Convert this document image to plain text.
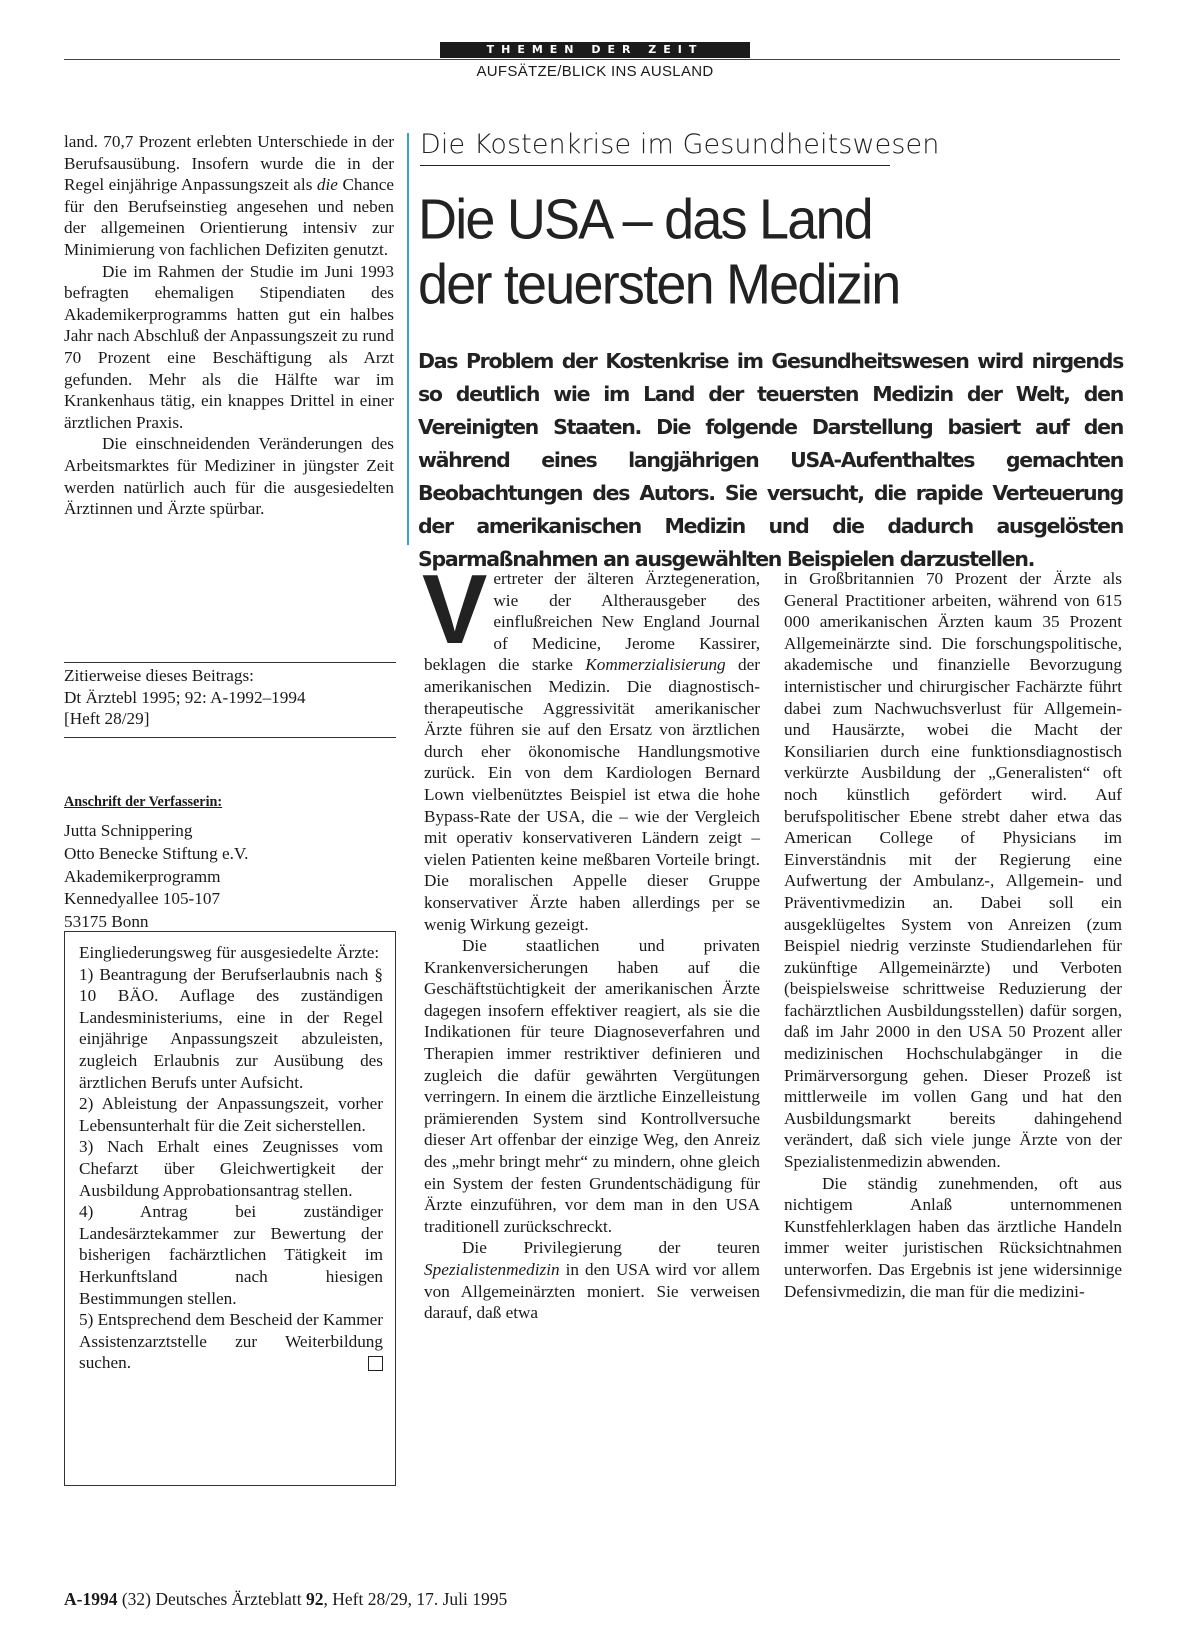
THEMEN DER ZEIT
AUFSÄTZE/BLICK INS AUSLAND

land. 70,7 Prozent erlebten Unterschiede in der Berufsausübung. Insofern wurde die in der Regel einjährige Anpassungszeit als die Chance für den Berufseinstieg angesehen und neben der allgemeinen Orientierung intensiv zur Minimierung von fachlichen Defiziten genutzt.

Die im Rahmen der Studie im Juni 1993 befragten ehemaligen Stipendiaten des Akademikerprogramms hatten gut ein halbes Jahr nach Abschluß der Anpassungszeit zu rund 70 Prozent eine Beschäftigung als Arzt gefunden. Mehr als die Hälfte war im Krankenhaus tätig, ein knappes Drittel in einer ärztlichen Praxis.

Die einschneidenden Veränderungen des Arbeitsmarktes für Mediziner in jüngster Zeit werden natürlich auch für die ausgesiedelten Ärztinnen und Ärzte spürbar.

Zitierweise dieses Beitrags:
Dt Ärztebl 1995; 92: A-1992–1994
[Heft 28/29]
Anschrift der Verfasserin:
Jutta Schnippering
Otto Benecke Stiftung e.V.
Akademikerprogramm
Kennedyallee 105-107
53175 Bonn
Eingliederungsweg für ausgesiedelte Ärzte:
1) Beantragung der Berufserlaubnis nach § 10 BÄO. Auflage des zuständigen Landesministeriums, eine in der Regel einjährige Anpassungszeit abzuleisten, zugleich Erlaubnis zur Ausübung des ärztlichen Berufs unter Aufsicht.
2) Ableistung der Anpassungszeit, vorher Lebensunterhalt für die Zeit sicherstellen.
3) Nach Erhalt eines Zeugnisses vom Chefarzt über Gleichwertigkeit der Ausbildung Approbationsantrag stellen.
4) Antrag bei zuständiger Landesärztekammer zur Bewertung der bisherigen fachärztlichen Tätigkeit im Herkunftsland nach hiesigen Bestimmungen stellen.
5) Entsprechend dem Bescheid der Kammer Assistenzarztstelle zur Weiterbildung suchen.
Die Kostenkrise im Gesundheitswesen
Die USA – das Land
der teuersten Medizin
Das Problem der Kostenkrise im Gesundheitswesen wird nirgends so deutlich wie im Land der teuersten Medizin der Welt, den Vereinigten Staaten. Die folgende Darstellung basiert auf den während eines langjährigen USA-Aufenthaltes gemachten Beobachtungen des Autors. Sie versucht, die rapide Verteuerung der amerikanischen Medizin und die dadurch ausgelösten Sparmaßnahmen an ausgewählten Beispielen darzustellen.

Vertreter der älteren Ärztegeneration, wie der Altherausgeber des einflußreichen New England Journal of Medicine, Jerome Kassirer, beklagen die starke Kommerzialisierung der amerikanischen Medizin. Die diagnostisch-therapeutische Aggressivität amerikanischer Ärzte führen sie auf den Ersatz von ärztlichen durch eher ökonomische Handlungsmotive zurück. Ein von dem Kardiologen Bernard Lown vielbenütztes Beispiel ist etwa die hohe Bypass-Rate der USA, die – wie der Vergleich mit operativ konservativeren Ländern zeigt – vielen Patienten keine meßbaren Vorteile bringt. Die moralischen Appelle dieser Gruppe konservativer Ärzte haben allerdings per se wenig Wirkung gezeigt.

Die staatlichen und privaten Krankenversicherungen haben auf die Geschäftstüchtigkeit der amerikanischen Ärzte dagegen insofern effektiver reagiert, als sie die Indikationen für teure Diagnoseverfahren und Therapien immer restriktiver definieren und zugleich die dafür gewährten Vergütungen verringern. In einem die ärztliche Einzelleistung prämierenden System sind Kontrollversuche dieser Art offenbar der einzige Weg, den Anreiz des „mehr bringt mehr“ zu mindern, ohne gleich ein System der festen Grundentschädigung für Ärzte einzuführen, vor dem man in den USA traditionell zurückschreckt.

Die Privilegierung der teuren Spezialistenmedizin in den USA wird vor allem von Allgemeinärzten moniert. Sie verweisen darauf, daß etwa

in Großbritannien 70 Prozent der Ärzte als General Practitioner arbeiten, während von 615 000 amerikanischen Ärzten kaum 35 Prozent Allgemeinärzte sind. Die forschungspolitische, akademische und finanzielle Bevorzugung internistischer und chirurgischer Fachärzte führt dabei zum Nachwuchsverlust für Allgemein- und Hausärzte, wobei die Macht der Konsiliarien durch eine funktionsdiagnostisch verkürzte Ausbildung der „Generalisten“ oft noch künstlich gefördert wird. Auf berufspolitischer Ebene strebt daher etwa das American College of Physicians im Einverständnis mit der Regierung eine Aufwertung der Ambulanz-, Allgemein- und Präventivmedizin an. Dabei soll ein ausgeklügeltes System von Anreizen (zum Beispiel niedrig verzinste Studiendarlehen für zukünftige Allgemeinärzte) und Verboten (beispielsweise schrittweise Reduzierung der fachärztlichen Ausbildungsstellen) dafür sorgen, daß im Jahr 2000 in den USA 50 Prozent aller medizinischen Hochschulabgänger in die Primärversorgung gehen. Dieser Prozeß ist mittlerweile im vollen Gang und hat den Ausbildungsmarkt bereits dahingehend verändert, daß sich viele junge Ärzte von der Spezialistenmedizin abwenden.

Die ständig zunehmenden, oft aus nichtigem Anlaß unternommenen Kunstfehlerklagen haben das ärztliche Handeln immer weiter juristischen Rücksichtnahmen unterworfen. Das Ergebnis ist jene widersinnige Defensivmedizin, die man für die medizini-

A-1994 (32) Deutsches Ärzteblatt 92, Heft 28/29, 17. Juli 1995
